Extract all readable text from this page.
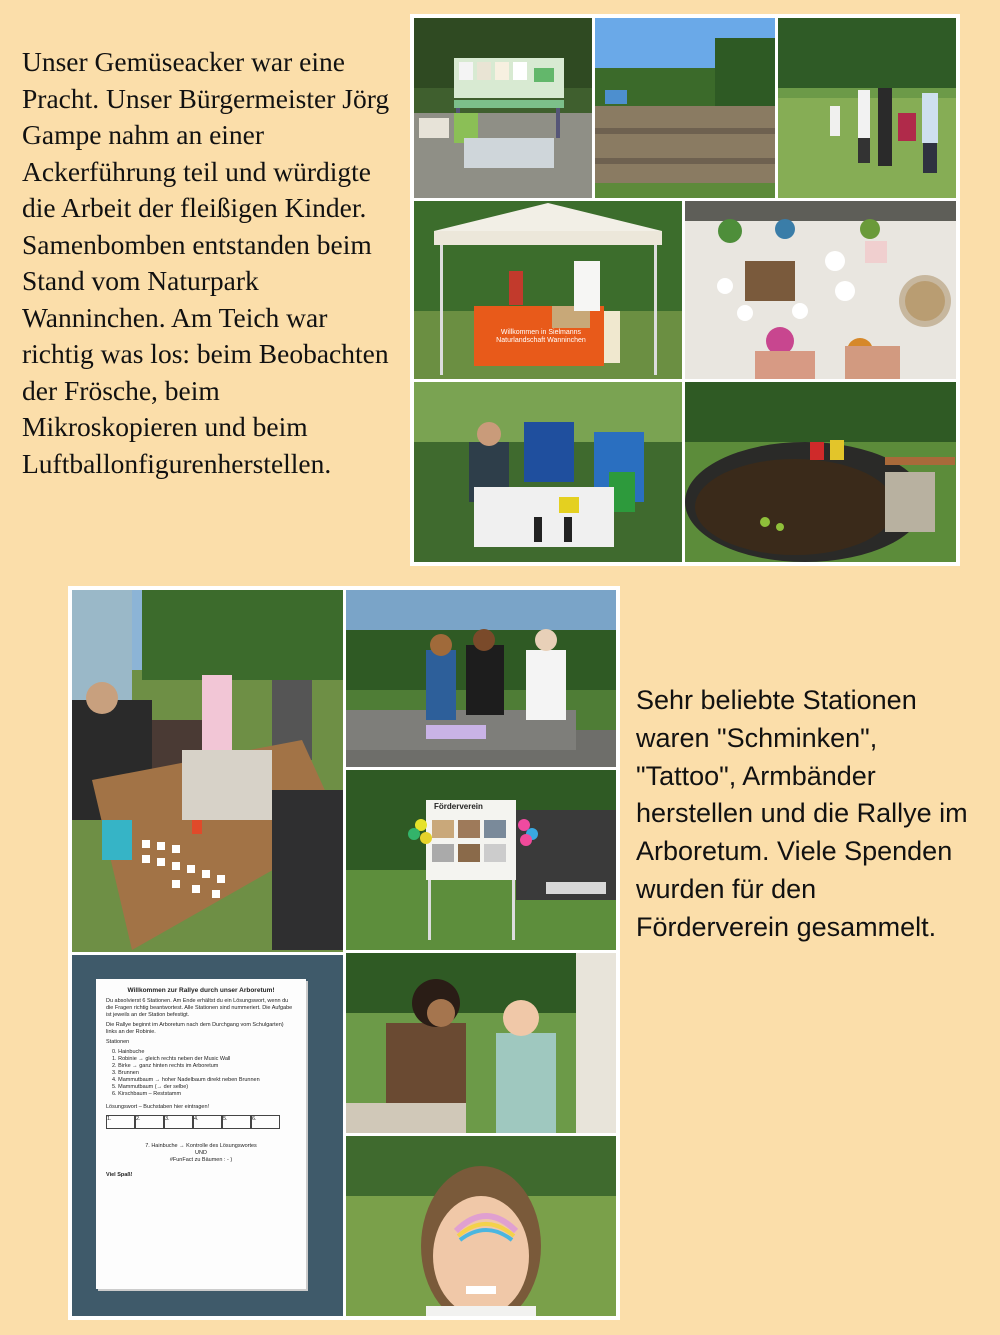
Unser Gemüseacker war eine Pracht. Unser Bürgermeister Jörg Gampe nahm an einer Ackerführung teil und würdigte die Arbeit der fleißigen Kinder. Samenbomben entstanden beim Stand vom Naturpark Wanninchen. Am Teich war richtig was los: beim Beobachten der Frösche, beim Mikroskopieren und beim Luftballonfigurenherstellen.
Willkommen in Sielmanns Naturlandschaft Wanninchen
Förderverein
Willkommen zur Rallye durch unser Arboretum!

Du absolvierst 6 Stationen. Am Ende erhältst du ein Lösungswort, wenn du die Fragen richtig beantwortest. Alle Stationen sind nummeriert. Die Aufgabe ist jeweils an der Station befestigt.

Die Rallye beginnt im Arboretum nach dem Durchgang vom Schulgarten) links an der Robinie.

Stationen

0. Hainbuche
1. Robinie → gleich rechts neben der Music Wall
2. Birke → ganz hinten rechts im Arboretum
3. Brunnen
4. Mammutbaum → hoher Nadelbaum direkt neben Brunnen
5. Mammutbaum (→ der selbe)
6. Kirschbaum – Reststamm

Lösungswort – Buchstaben hier eintragen!

1.	2.	3.	4.	5.	6.
7. Hainbuche → Kontrolle des Lösungswortes
UND
#FunFact zu Bäumen : - )

Viel Spaß!

Sehr beliebte Stationen waren "Schminken", "Tattoo", Armbänder herstellen und die Rallye im Arboretum. Viele Spenden wurden für den Förderverein gesammelt.
